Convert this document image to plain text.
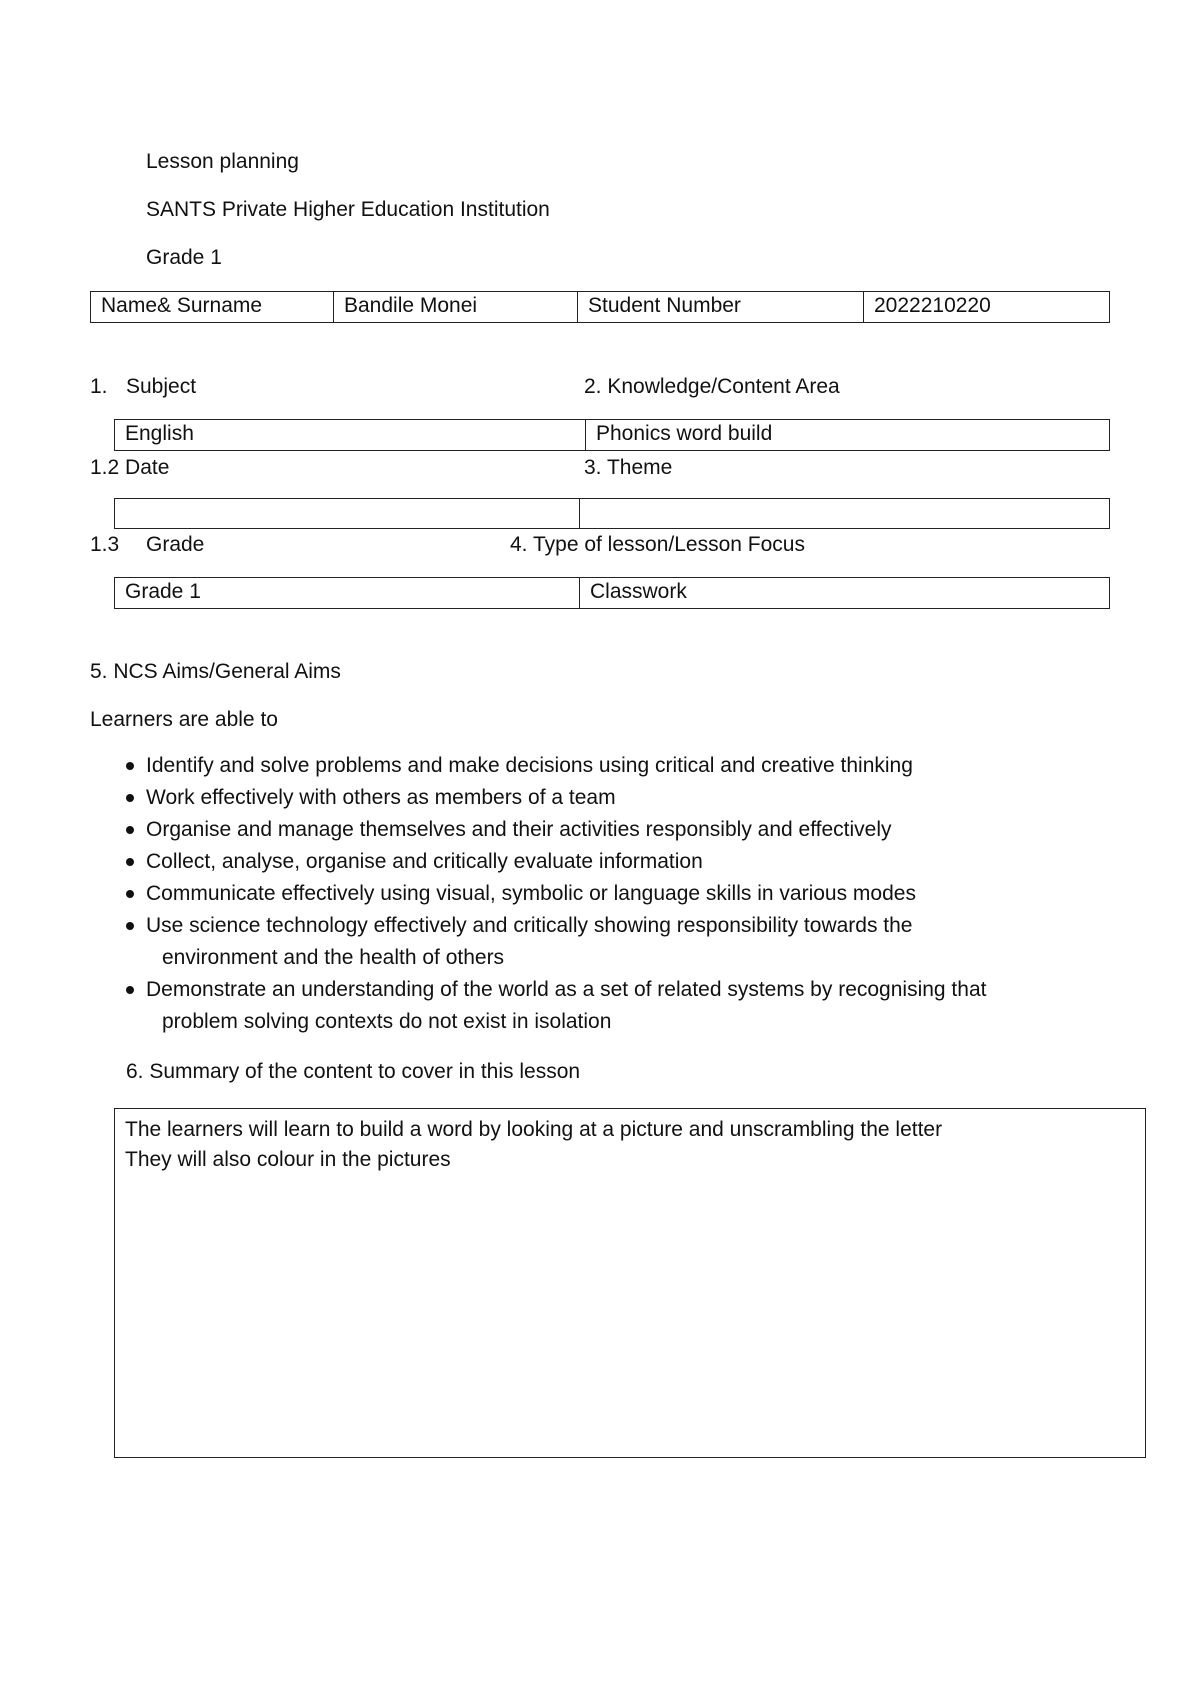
Lesson planning
SANTS Private Higher Education Institution
Grade 1
Name& Surname	Bandile Monei	Student Number	2022210220
1. Subject	2. Knowledge/Content Area
English	Phonics word build
1.2 Date	3. Theme
1.3 Grade	4. Type of lesson/Lesson Focus
Grade 1	Classwork
5. NCS Aims/General Aims
Learners are able to
Identify and solve problems and make decisions using critical and creative thinking
Work effectively with others as members of a team
Organise and manage themselves and their activities responsibly and effectively
Collect, analyse, organise and critically evaluate information
Communicate effectively using visual, symbolic or language skills in various modes
Use science technology effectively and critically showing responsibility towards the
environment and the health of others
Demonstrate an understanding of the world as a set of related systems by recognising that
problem solving contexts do not exist in isolation
6. Summary of the content to cover in this lesson
The learners will learn to build a word by looking at a picture and unscrambling the letter
They will also colour in the pictures
